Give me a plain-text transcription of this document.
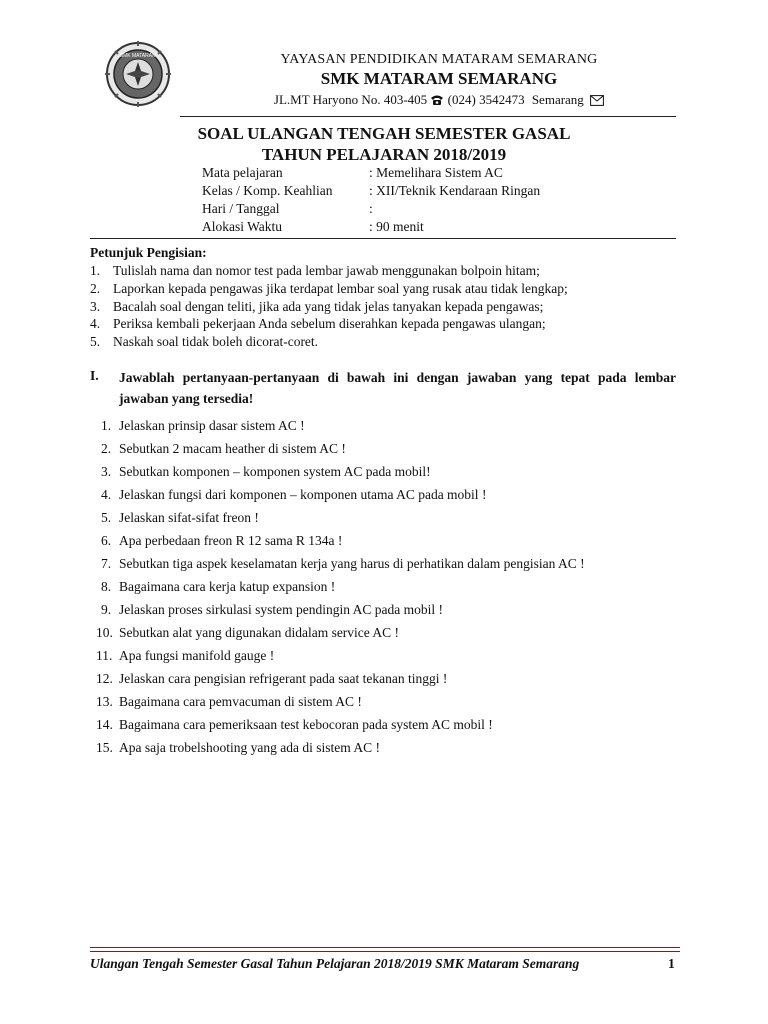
SMK MATARAM	YAYASAN PENDIDIKAN MATARAM SEMARANG
SMK MATARAM SEMARANG
JL.MT Haryono No. 403-405 (024) 3542473 Semarang
SOAL ULANGAN TENGAH SEMESTER GASAL
TAHUN PELAJARAN 2018/2019
Mata pelajaran	: Memelihara Sistem AC
Kelas / Komp. Keahlian	: XII/Teknik Kendaraan Ringan
Hari / Tanggal	:
Alokasi Waktu	: 90 menit
Petunjuk Pengisian:
1. Tulislah nama dan nomor test pada lembar jawab menggunakan bolpoin hitam;
2. Laporkan kepada pengawas jika terdapat lembar soal yang rusak atau tidak lengkap;
3. Bacalah soal dengan teliti, jika ada yang tidak jelas tanyakan kepada pengawas;
4. Periksa kembali pekerjaan Anda sebelum diserahkan kepada pengawas ulangan;
5. Naskah soal tidak boleh dicorat-coret.
I. Jawablah pertanyaan-pertanyaan di bawah ini dengan jawaban yang tepat pada lembar jawaban yang tersedia!
1. Jelaskan prinsip dasar sistem AC !
2. Sebutkan 2 macam heather di sistem AC !
3. Sebutkan komponen – komponen system AC pada mobil!
4. Jelaskan fungsi dari komponen – komponen utama AC pada mobil !
5. Jelaskan sifat-sifat freon !
6. Apa perbedaan freon R 12 sama R 134a !
7. Sebutkan tiga aspek keselamatan kerja yang harus di perhatikan dalam pengisian AC !
8. Bagaimana cara kerja katup expansion !
9. Jelaskan proses sirkulasi system pendingin AC pada mobil !
10. Sebutkan alat yang digunakan didalam service AC !
11. Apa fungsi manifold gauge !
12. Jelaskan cara pengisian refrigerant pada saat tekanan tinggi !
13. Bagaimana cara pemvacuman di sistem AC !
14. Bagaimana cara pemeriksaan test kebocoran pada system AC mobil !
15. Apa saja trobelshooting yang ada di sistem AC !
Ulangan Tengah Semester Gasal Tahun Pelajaran 2018/2019 SMK Mataram Semarang	1
